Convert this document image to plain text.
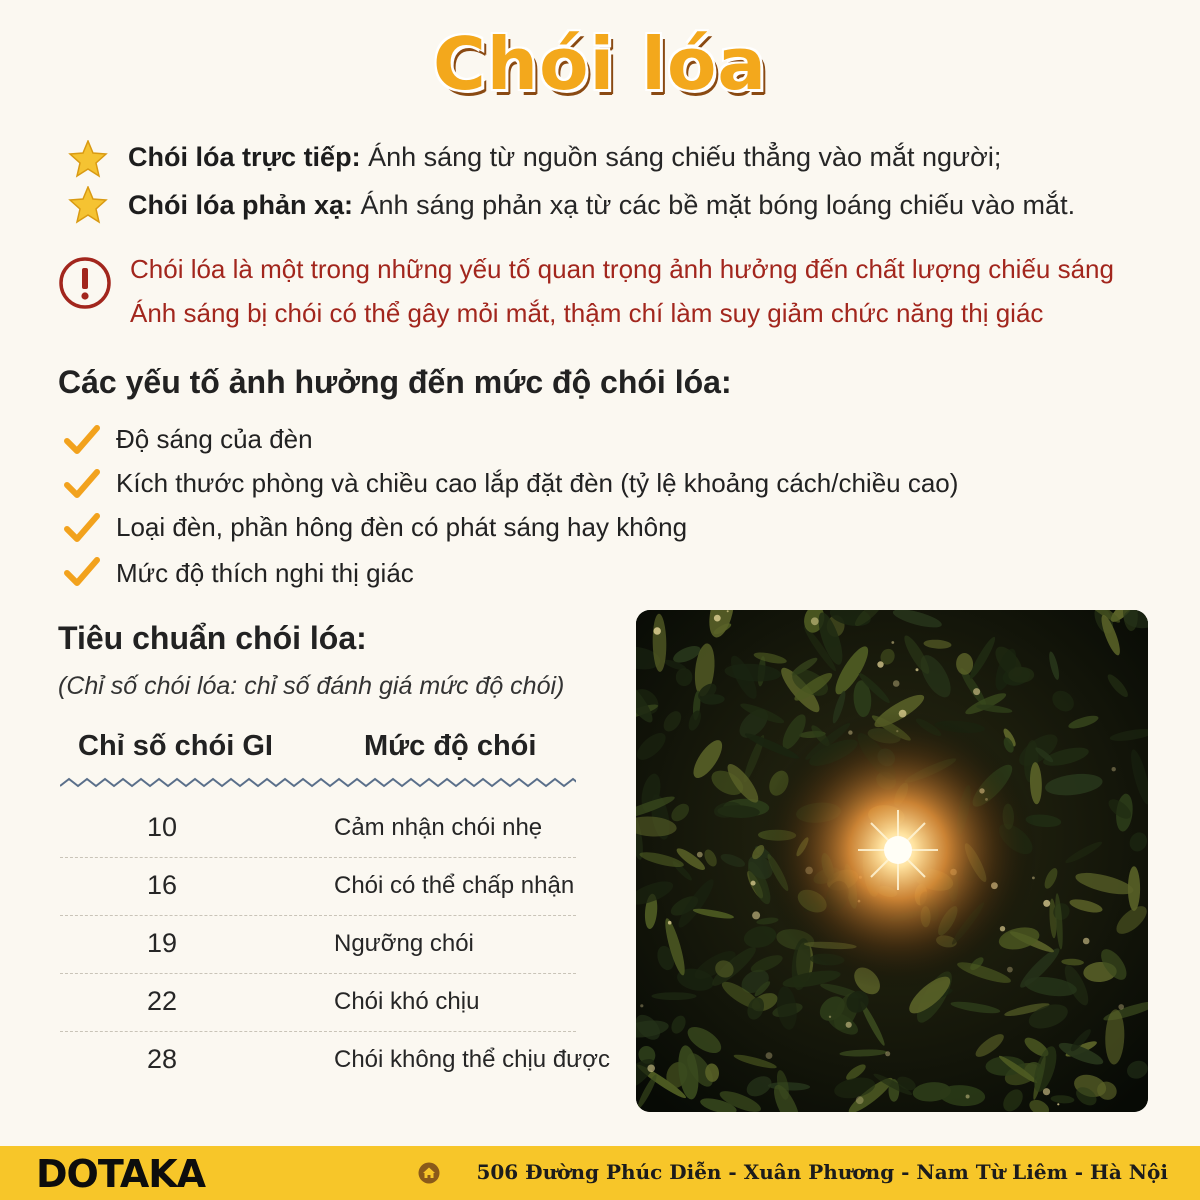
Chói lóa
Chói lóa trực tiếp: Ánh sáng từ nguồn sáng chiếu thẳng vào mắt người;
Chói lóa phản xạ: Ánh sáng phản xạ từ các bề mặt bóng loáng chiếu vào mắt.
Chói lóa là một trong những yếu tố quan trọng ảnh hưởng đến chất lượng chiếu sáng
Ánh sáng bị chói có thể gây mỏi mắt, thậm chí làm suy giảm chức năng thị giác
Các yếu tố ảnh hưởng đến mức độ chói lóa:
Độ sáng của đèn
Kích thước phòng và chiều cao lắp đặt đèn (tỷ lệ khoảng cách/chiều cao)
Loại đèn, phần hông đèn có phát sáng hay không
Mức độ thích nghi thị giác
Tiêu chuẩn chói lóa:
(Chỉ số chói lóa: chỉ số đánh giá mức độ chói)
Chỉ số chói GI	Mức độ chói
10	Cảm nhận chói nhẹ
16	Chói có thể chấp nhận
19	Ngưỡng chói
22	Chói khó chịu
28	Chói không thể chịu được
DOTAKA	506 Đường Phúc Diễn - Xuân Phương - Nam Từ Liêm - Hà Nội
